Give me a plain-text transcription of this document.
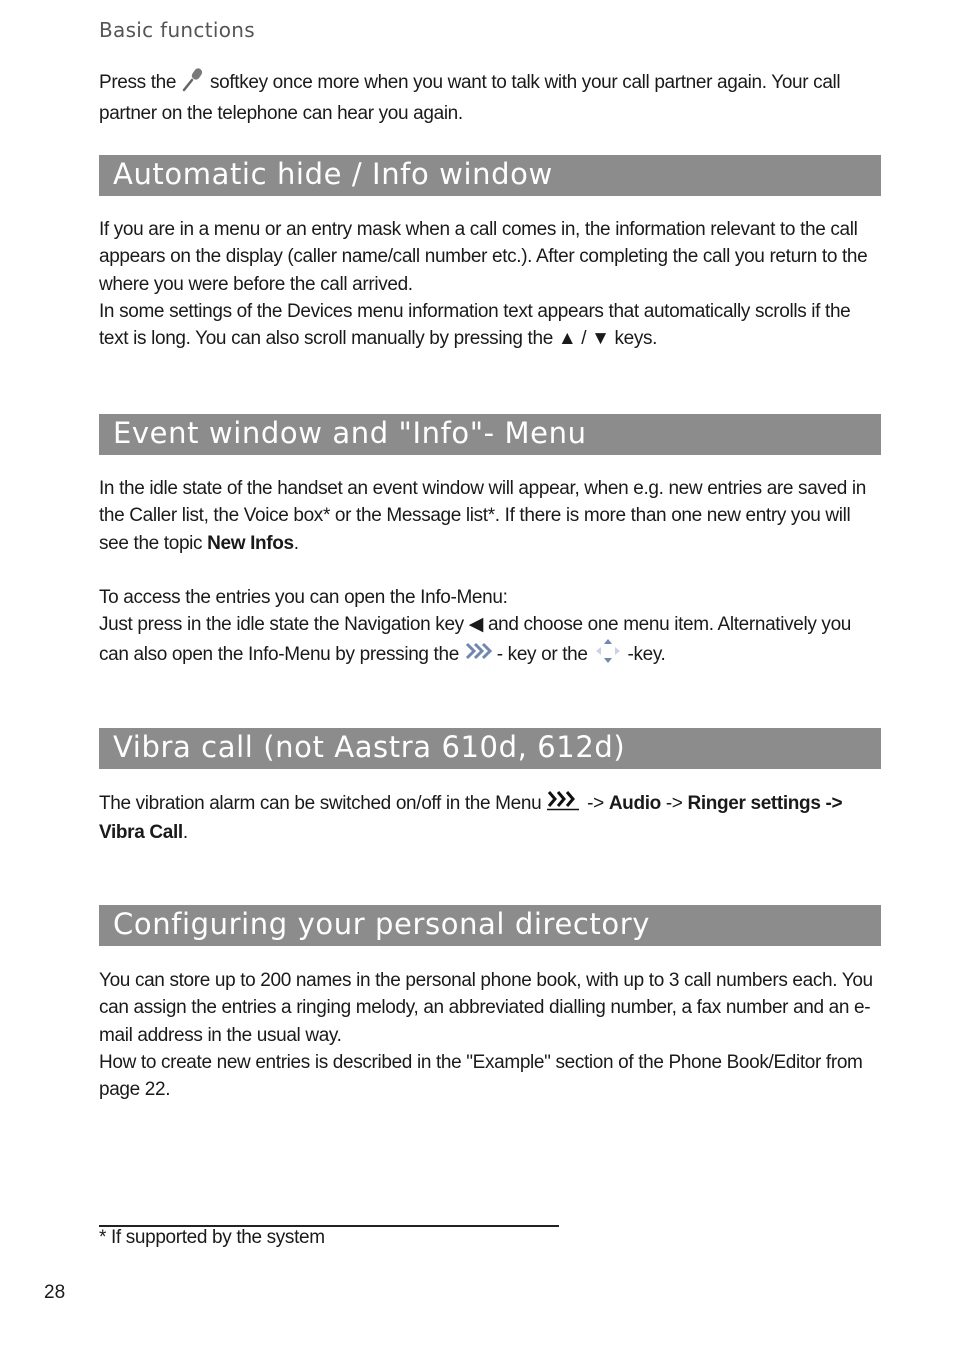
Basic functions

Press the  softkey once more when you want to talk with your call partner again. Your call partner on the telephone can hear you again.

Automatic hide / Info window

If you are in a menu or an entry mask when a call comes in, the information relevant to the call appears on the display (caller name/call number etc.). After completing the call you return to the where you were before the call arrived.

In some settings of the Devices menu information text appears that automatically scrolls if the text is long. You can also scroll manually by pressing the ▲ / ▼ keys.

Event window and "Info"- Menu

In the idle state of the handset an event window will appear, when e.g. new entries are saved in the Caller list, the Voice box* or the Message list*. If there is more than one new entry you will see the topic New Infos.

To access the entries you can open the Info-Menu:

Just press in the idle state the Navigation key ◀ and choose one menu item. Alternatively you can also open the Info-Menu by pressing the  - key or the  -key.

Vibra call (not Aastra 610d, 612d)

The vibration alarm can be switched on/off in the Menu  -> Audio -> Ringer settings -> Vibra Call.

Configuring your personal directory

You can store up to 200 names in the personal phone book, with up to 3 call numbers each. You can assign the entries a ringing melody, an abbreviated dialling number, a fax number and an e-mail address in the usual way.

How to create new entries is described in the "Example" section of the Phone Book/Editor from page 22.

* If supported by the system
28
